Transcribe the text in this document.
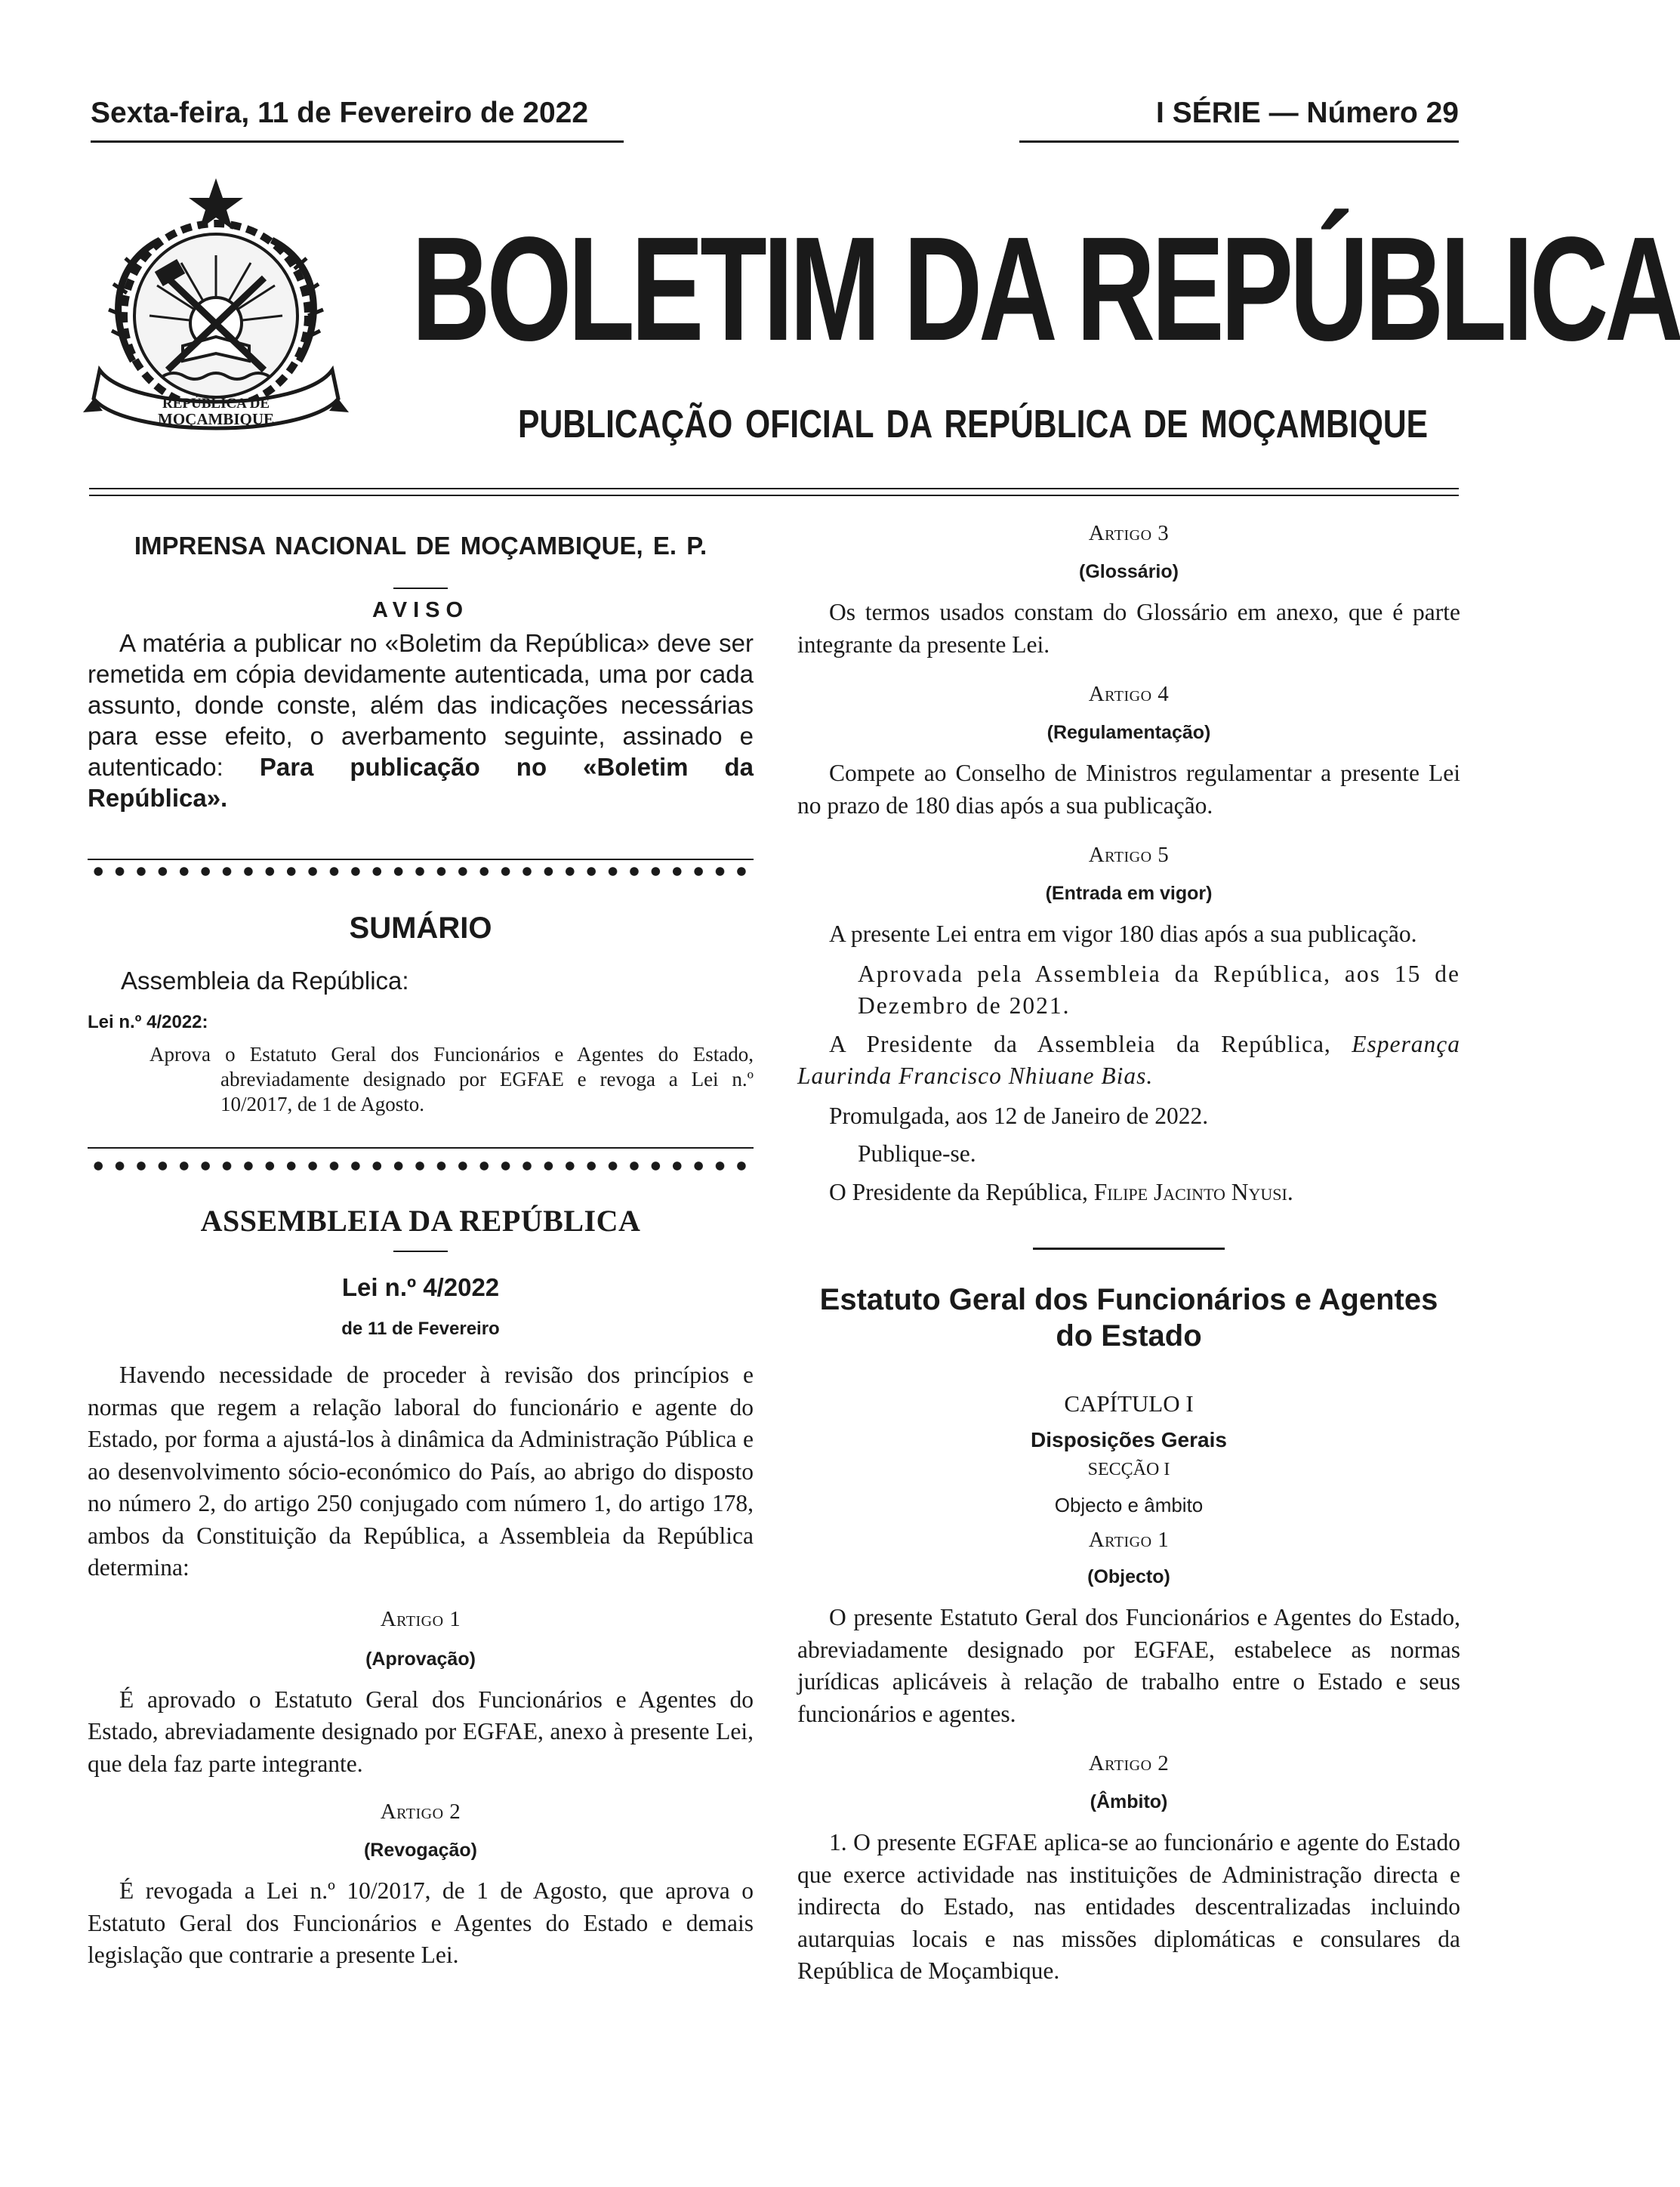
Sexta-feira, 11 de Fevereiro de 2022	I SÉRIE — Número 29
REPÚBLICA DE
MOÇAMBIQUE
BOLETIM DA REPÚBLICA
PUBLICAÇÃO OFICIAL DA REPÚBLICA DE MOÇAMBIQUE
IMPRENSA NACIONAL DE MOÇAMBIQUE, E. P.
AVISO

A matéria a publicar no «Boletim da República» deve ser remetida em cópia devidamente autenticada, uma por cada assunto, donde conste, além das indicações necessárias para esse efeito, o averbamento seguinte, assinado e autenticado: Para publicação no «Boletim da República».

SUMÁRIO
Assembleia da República:
Lei n.º 4/2022:

Aprova o Estatuto Geral dos Funcionários e Agentes do Estado, abreviadamente designado por EGFAE e revoga a Lei n.º 10/2017, de 1 de Agosto.

ASSEMBLEIA DA REPÚBLICA
Lei n.º 4/2022
de 11 de Fevereiro

Havendo necessidade de proceder à revisão dos princípios e normas que regem a relação laboral do funcionário e agente do Estado, por forma a ajustá-los à dinâmica da Administração Pública e ao desenvolvimento sócio-económico do País, ao abrigo do disposto no número 2, do artigo 250 conjugado com número 1, do artigo 178, ambos da Constituição da República, a Assembleia da República determina:

Artigo 1
(Aprovação)

É aprovado o Estatuto Geral dos Funcionários e Agentes do Estado, abreviadamente designado por EGFAE, anexo à presente Lei, que dela faz parte integrante.

Artigo 2
(Revogação)

É revogada a Lei n.º 10/2017, de 1 de Agosto, que aprova o Estatuto Geral dos Funcionários e Agentes do Estado e demais legislação que contrarie a presente Lei.

Artigo 3
(Glossário)

Os termos usados constam do Glossário em anexo, que é parte integrante da presente Lei.

Artigo 4
(Regulamentação)

Compete ao Conselho de Ministros regulamentar a presente Lei no prazo de 180 dias após a sua publicação.

Artigo 5
(Entrada em vigor)

A presente Lei entra em vigor 180 dias após a sua publicação.

Aprovada pela Assembleia da República, aos 15 de Dezembro de 2021.

A Presidente da Assembleia da República, Esperança Laurinda Francisco Nhiuane Bias.

Promulgada, aos 12 de Janeiro de 2022.

Publique-se.

O Presidente da República, Filipe Jacinto Nyusi.

Estatuto Geral dos Funcionários e Agentes
do Estado
CAPÍTULO I
Disposições Gerais
SECÇÃO I
Objecto e âmbito
Artigo 1
(Objecto)

O presente Estatuto Geral dos Funcionários e Agentes do Estado, abreviadamente designado por EGFAE, estabelece as normas jurídicas aplicáveis à relação de trabalho entre o Estado e seus funcionários e agentes.

Artigo 2
(Âmbito)

1. O presente EGFAE aplica-se ao funcionário e agente do Estado que exerce actividade nas instituições de Administração directa e indirecta do Estado, nas entidades descentralizadas incluindo autarquias locais e nas missões diplomáticas e consulares da República de Moçambique.
